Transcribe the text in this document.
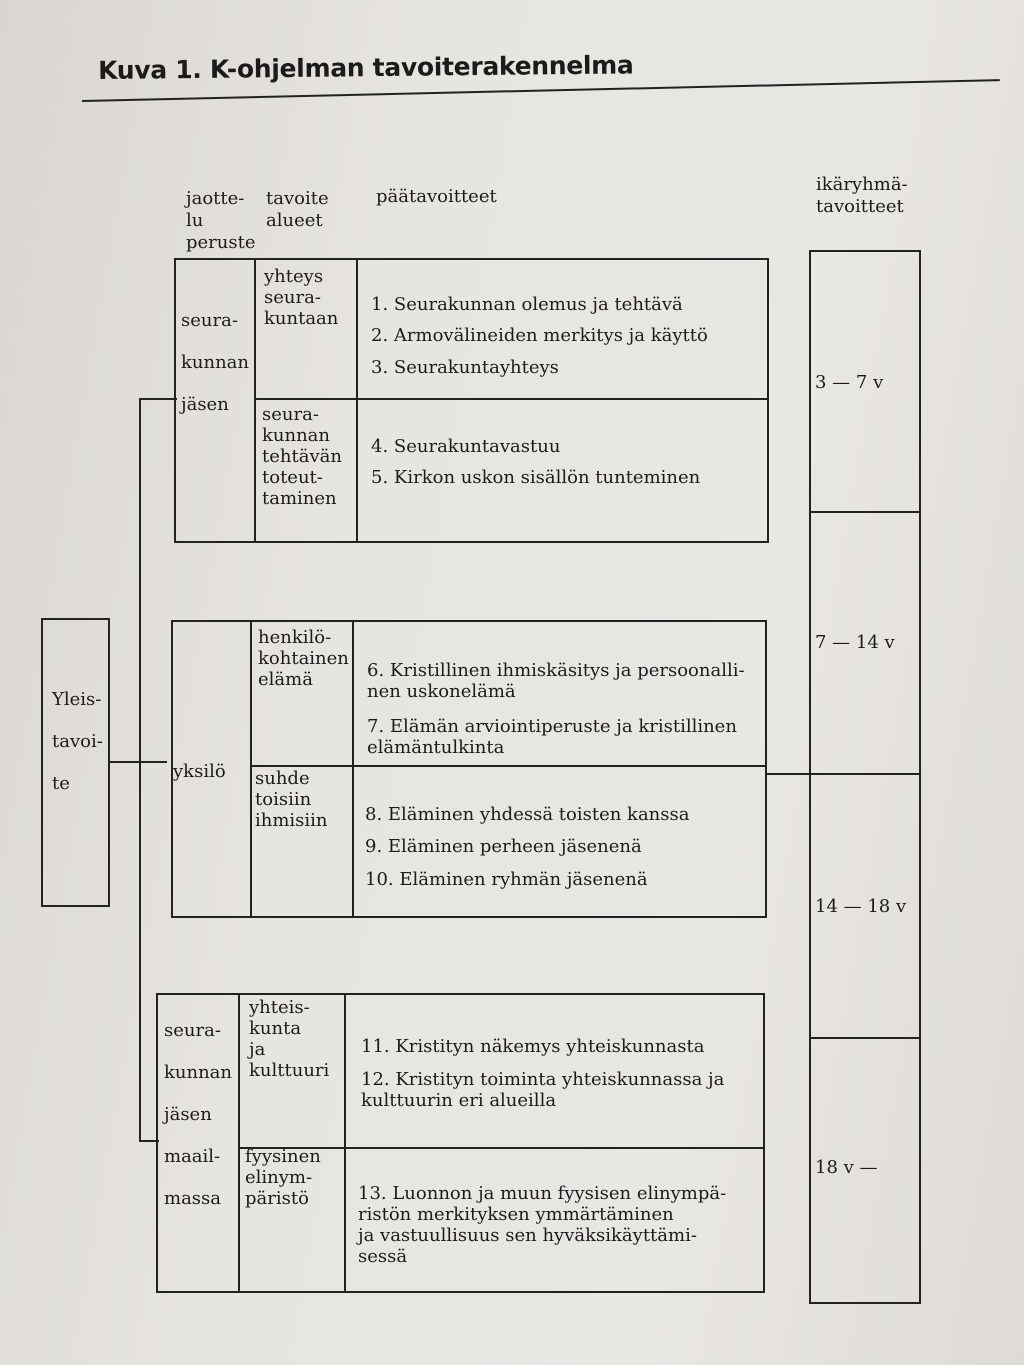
Kuva 1. K-ohjelman tavoiterakennelma
jaotte-
lu
peruste
tavoite
alueet
päätavoitteet
ikäryhmä-
tavoitteet
Yleis-

tavoi-

te
seura-

kunnan

jäsen
yhteys
seura-
kuntaan
1. Seurakunnan olemus ja tehtävä
2. Armovälineiden merkitys ja käyttö
3. Seurakuntayhteys
seura-
kunnan
tehtävän
toteut-
taminen
4. Seurakuntavastuu
5. Kirkon uskon sisällön tunteminen
yksilö
henkilö-
kohtainen
elämä	6. Kristillinen ihmiskäsitys ja persoonalli-
nen uskonelämä
7. Elämän arviointiperuste ja kristillinen
elämäntulkinta
suhde
toisiin
ihmisiin 8. Eläminen yhdessä toisten kanssa
9. Eläminen perheen jäsenenä
10. Eläminen ryhmän jäsenenä
seura-

kunnan

jäsen

maail-

massa
yhteis-
kunta
ja
kulttuuri
11. Kristityn näkemys yhteiskunnasta
12. Kristityn toiminta yhteiskunnassa ja
kulttuurin eri alueilla
fyysinen
elinym-
päristö	13. Luonnon ja muun fyysisen elinympä-
ristön merkityksen ymmärtäminen
ja vastuullisuus sen hyväksikäyttämi-
sessä
3 — 7 v
7 — 14 v
14 — 18 v
18 v —
